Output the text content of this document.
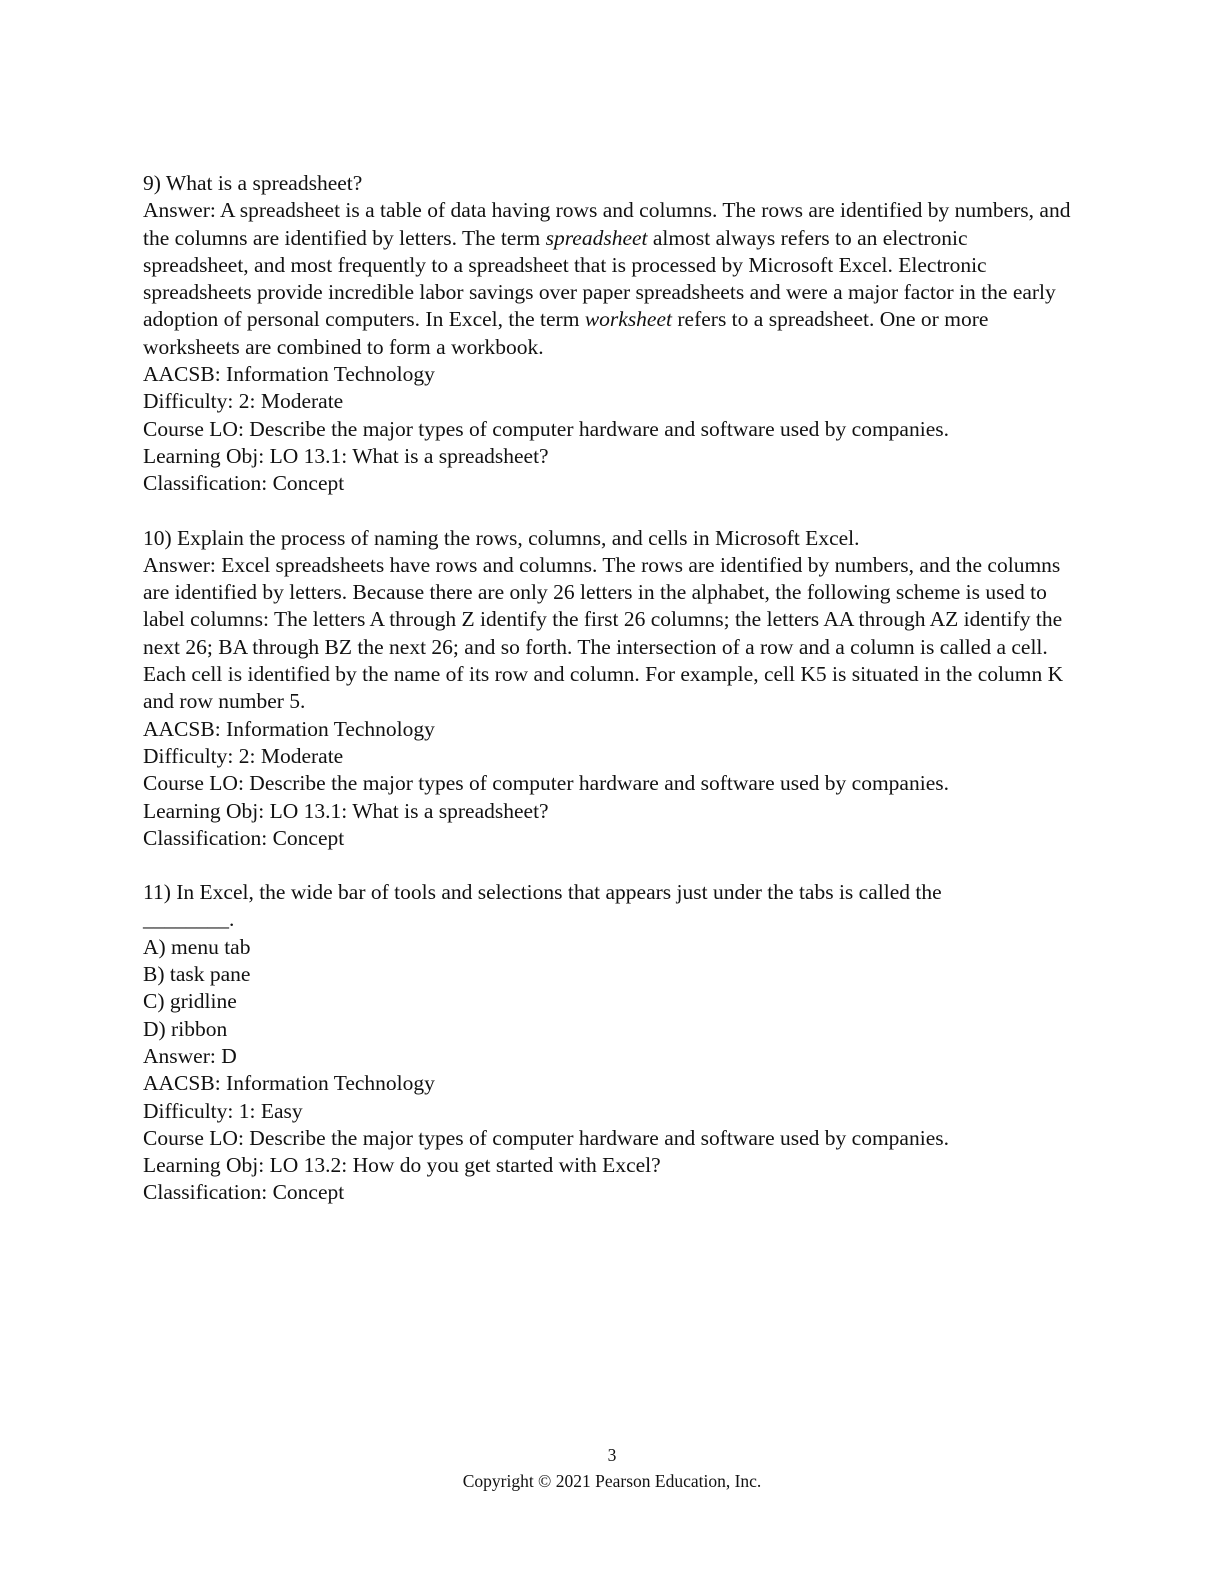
9) What is a spreadsheet?
Answer: A spreadsheet is a table of data having rows and columns. The rows are identified by numbers, and the columns are identified by letters. The term spreadsheet almost always refers to an electronic spreadsheet, and most frequently to a spreadsheet that is processed by Microsoft Excel. Electronic spreadsheets provide incredible labor savings over paper spreadsheets and were a major factor in the early adoption of personal computers. In Excel, the term worksheet refers to a spreadsheet. One or more worksheets are combined to form a workbook.
AACSB: Information Technology
Difficulty: 2: Moderate
Course LO: Describe the major types of computer hardware and software used by companies.
Learning Obj: LO 13.1: What is a spreadsheet?
Classification: Concept
10) Explain the process of naming the rows, columns, and cells in Microsoft Excel.
Answer: Excel spreadsheets have rows and columns. The rows are identified by numbers, and the columns are identified by letters. Because there are only 26 letters in the alphabet, the following scheme is used to label columns: The letters A through Z identify the first 26 columns; the letters AA through AZ identify the next 26; BA through BZ the next 26; and so forth. The intersection of a row and a column is called a cell. Each cell is identified by the name of its row and column. For example, cell K5 is situated in the column K and row number 5.
AACSB: Information Technology
Difficulty: 2: Moderate
Course LO: Describe the major types of computer hardware and software used by companies.
Learning Obj: LO 13.1: What is a spreadsheet?
Classification: Concept
11) In Excel, the wide bar of tools and selections that appears just under the tabs is called the
________.
A) menu tab
B) task pane
C) gridline
D) ribbon
Answer: D
AACSB: Information Technology
Difficulty: 1: Easy
Course LO: Describe the major types of computer hardware and software used by companies.
Learning Obj: LO 13.2: How do you get started with Excel?
Classification: Concept
3
Copyright © 2021 Pearson Education, Inc.
